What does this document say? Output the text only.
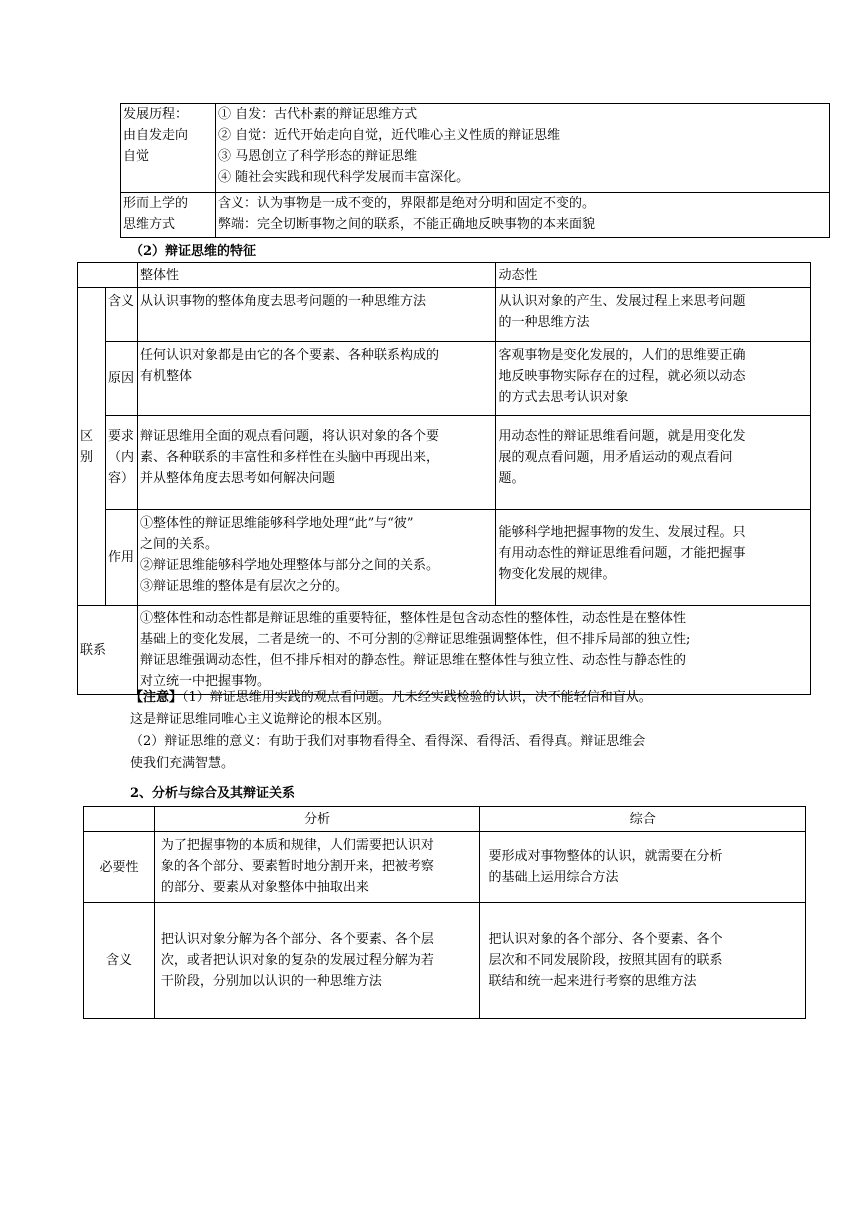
发展历程：
由自发走向
自觉	① 自发：古代朴素的辩证思维方式
② 自觉：近代开始走向自觉，近代唯心主义性质的辩证思维
③ 马恩创立了科学形态的辩证思维
④ 随社会实践和现代科学发展而丰富深化。

形而上学的
思维方式	含义：认为事物是一成不变的，界限都是绝对分明和固定不变的。
弊端：完全切断事物之间的联系，不能正确地反映事物的本来面貌
（2）辩证思维的特征
		整体性	动态性

区
别	含义	从认识事物的整体角度去思考问题的一种思维方法	从认识对象的产生、发展过程上来思考问题
的一种思维方法

	原因	任何认识对象都是由它的各个要素、各种联系构成的
有机整体	客观事物是变化发展的，人们的思维要正确
地反映事物实际存在的过程，就必须以动态
的方式去思考认识对象

	要求
（内
容）	辩证思维用全面的观点看问题，将认识对象的各个要
素、各种联系的丰富性和多样性在头脑中再现出来，
并从整体角度去思考如何解决问题	用动态性的辩证思维看问题，就是用变化发
展的观点看问题，用矛盾运动的观点看问
题。

	作用	①整体性的辩证思维能够科学地处理“此”与“彼”
之间的关系。
②辩证思维能够科学地处理整体与部分之间的关系。
③辩证思维的整体是有层次之分的。	能够科学地把握事物的发生、发展过程。只
有用动态性的辩证思维看问题，才能把握事
物变化发展的规律。

联系		①整体性和动态性都是辩证思维的重要特征，整体性是包含动态性的整体性，动态性是在整体性
基础上的变化发展，二者是统一的、不可分割的②辩证思维强调整体性，但不排斥局部的独立性;
辩证思维强调动态性，但不排斥相对的静态性。辩证思维在整体性与独立性、动态性与静态性的
对立统一中把握事物。	
【注意】（1）辩证思维用实践的观点看问题。凡未经实践检验的认识，决不能轻信和盲从。
这是辩证思维同唯心主义诡辩论的根本区别。
（2）辩证思维的意义：有助于我们对事物看得全、看得深、看得活、看得真。辩证思维会
使我们充满智慧。
2、分析与综合及其辩证关系
	分析	综合
必要性	为了把握事物的本质和规律，人们需要把认识对
象的各个部分、要素暂时地分割开来，把被考察
的部分、要素从对象整体中抽取出来	要形成对事物整体的认识，就需要在分析
的基础上运用综合方法

含义	把认识对象分解为各个部分、各个要素、各个层
次，或者把认识对象的复杂的发展过程分解为若
干阶段，分别加以认识的一种思维方法	把认识对象的各个部分、各个要素、各个
层次和不同发展阶段，按照其固有的联系
联结和统一起来进行考察的思维方法
